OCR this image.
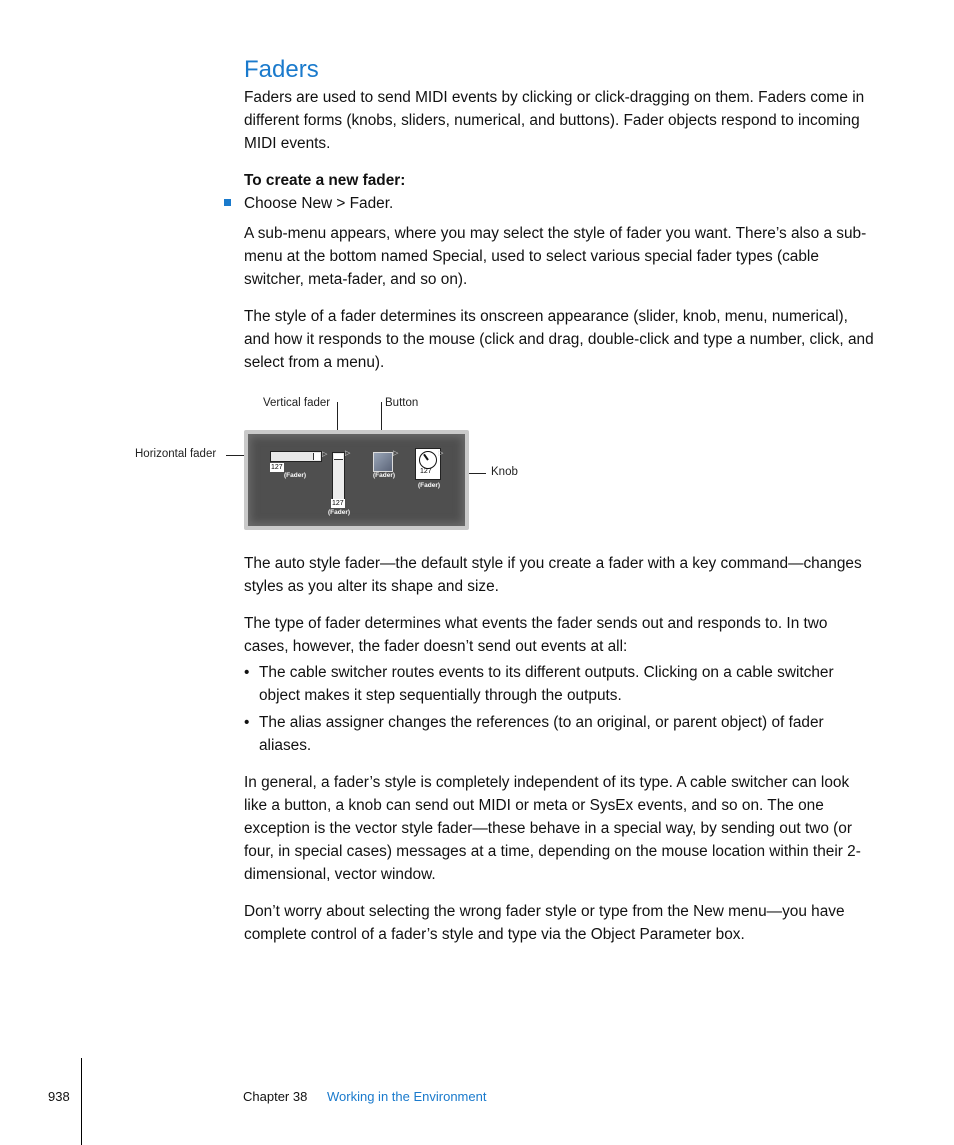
Faders

Faders are used to send MIDI events by clicking or click-dragging on them. Faders come in different forms (knobs, sliders, numerical, and buttons). Fader objects respond to incoming MIDI events.

To create a new fader:

Choose New > Fader.

A sub-menu appears, where you may select the style of fader you want. There’s also a sub-menu at the bottom named Special, used to select various special fader types (cable switcher, meta-fader, and so on).

The style of a fader determines its onscreen appearance (slider, knob, menu, numerical), and how it responds to the mouse (click and drag, double-click and type a number, click, and select from a menu).

Vertical fader	Button
Horizontal fader
Knob
127
(Fader)
▷
127
(Fader)
▷
(Fader)
▷
127
(Fader)
▷

The auto style fader—the default style if you create a fader with a key command—changes styles as you alter its shape and size.

The type of fader determines what events the fader sends out and responds to. In two cases, however, the fader doesn’t send out events at all:

• The cable switcher routes events to its different outputs. Clicking on a cable switcher object makes it step sequentially through the outputs.

• The alias assigner changes the references (to an original, or parent object) of fader aliases.

In general, a fader’s style is completely independent of its type. A cable switcher can look like a button, a knob can send out MIDI or meta or SysEx events, and so on. The one exception is the vector style fader—these behave in a special way, by sending out two (or four, in special cases) messages at a time, depending on the mouse location within their 2-dimensional, vector window.

Don’t worry about selecting the wrong fader style or type from the New menu—you have complete control of a fader’s style and type via the Object Parameter box.

938	Chapter 38 Working in the Environment
